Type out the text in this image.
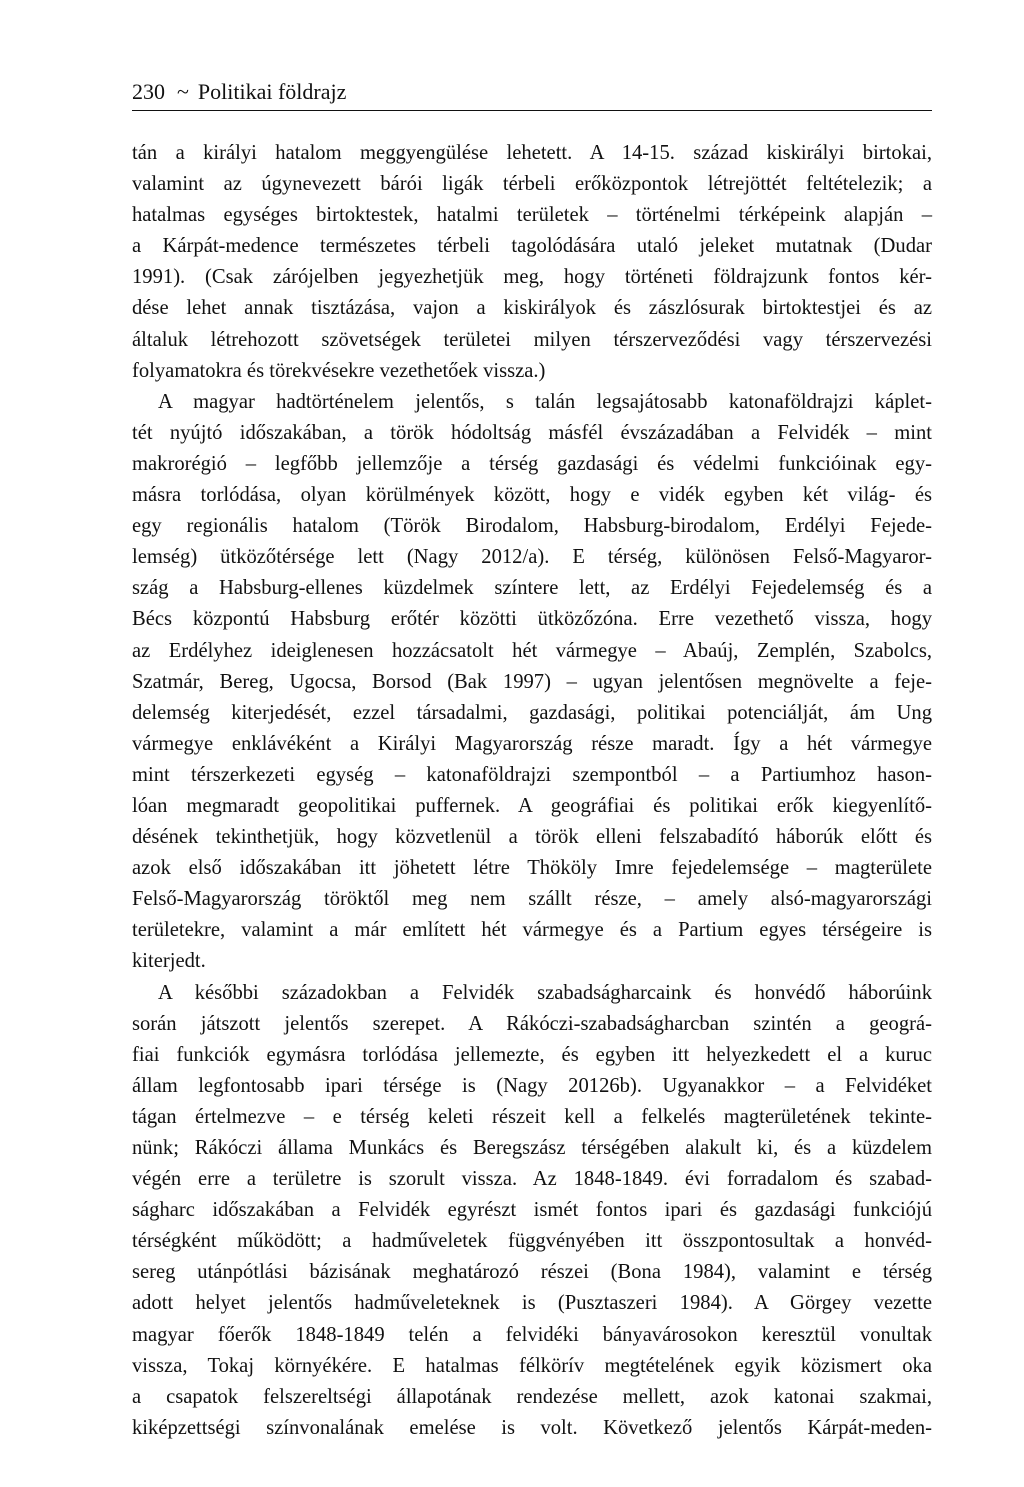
230 ~ Politikai földrajz

tán a királyi hatalom meggyengülése lehetett. A 14-15. század kiskirályi birtokai,
valamint az úgynevezett bárói ligák térbeli erőközpontok létrejöttét feltételezik; a
hatalmas egységes birtoktestek, hatalmi területek – történelmi térképeink alapján –
a Kárpát-medence természetes térbeli tagolódására utaló jeleket mutatnak (Dudar
1991). (Csak zárójelben jegyezhetjük meg, hogy történeti földrajzunk fontos kér-
dése lehet annak tisztázása, vajon a kiskirályok és zászlósurak birtoktestjei és az
általuk létrehozott szövetségek területei milyen térszerveződési vagy térszervezési
folyamatokra és törekvésekre vezethetőek vissza.)

A magyar hadtörténelem jelentős, s talán legsajátosabb katonaföldrajzi káplet-
tét nyújtó időszakában, a török hódoltság másfél évszázadában a Felvidék – mint
makrorégió – legfőbb jellemzője a térség gazdasági és védelmi funkcióinak egy-
másra torlódása, olyan körülmények között, hogy e vidék egyben két világ- és
egy regionális hatalom (Török Birodalom, Habsburg-birodalom, Erdélyi Fejede-
lemség) ütközőtérsége lett (Nagy 2012/a). E térség, különösen Felső-Magyaror-
szág a Habsburg-ellenes küzdelmek színtere lett, az Erdélyi Fejedelemség és a
Bécs központú Habsburg erőtér közötti ütközőzóna. Erre vezethető vissza, hogy
az Erdélyhez ideiglenesen hozzácsatolt hét vármegye – Abaúj, Zemplén, Szabolcs,
Szatmár, Bereg, Ugocsa, Borsod (Bak 1997) – ugyan jelentősen megnövelte a feje-
delemség kiterjedését, ezzel társadalmi, gazdasági, politikai potenciálját, ám Ung
vármegye enklávéként a Királyi Magyarország része maradt. Így a hét vármegye
mint térszerkezeti egység – katonaföldrajzi szempontból – a Partiumhoz hason-
lóan megmaradt geopolitikai puffernek. A geográfiai és politikai erők kiegyenlítő-
désének tekinthetjük, hogy közvetlenül a török elleni felszabadító háborúk előtt és
azok első időszakában itt jöhetett létre Thököly Imre fejedelemsége – magterülete
Felső-Magyarország töröktől meg nem szállt része, – amely alsó-magyarországi
területekre, valamint a már említett hét vármegye és a Partium egyes térségeire is
kiterjedt.

A későbbi századokban a Felvidék szabadságharcaink és honvédő háborúink
során játszott jelentős szerepet. A Rákóczi-szabadságharcban szintén a geográ-
fiai funkciók egymásra torlódása jellemezte, és egyben itt helyezkedett el a kuruc
állam legfontosabb ipari térsége is (Nagy 20126b). Ugyanakkor – a Felvidéket
tágan értelmezve – e térség keleti részeit kell a felkelés magterületének tekinte-
nünk; Rákóczi állama Munkács és Beregszász térségében alakult ki, és a küzdelem
végén erre a területre is szorult vissza. Az 1848-1849. évi forradalom és szabad-
ságharc időszakában a Felvidék egyrészt ismét fontos ipari és gazdasági funkciójú
térségként működött; a hadműveletek függvényében itt összpontosultak a honvéd-
sereg utánpótlási bázisának meghatározó részei (Bona 1984), valamint e térség
adott helyet jelentős hadműveleteknek is (Pusztaszeri 1984). A Görgey vezette
magyar főerők 1848-1849 telén a felvidéki bányavárosokon keresztül vonultak
vissza, Tokaj környékére. E hatalmas félkörív megtételének egyik közismert oka
a csapatok felszereltségi állapotának rendezése mellett, azok katonai szakmai,
kiképzettségi színvonalának emelése is volt. Következő jelentős Kárpát-meden-
